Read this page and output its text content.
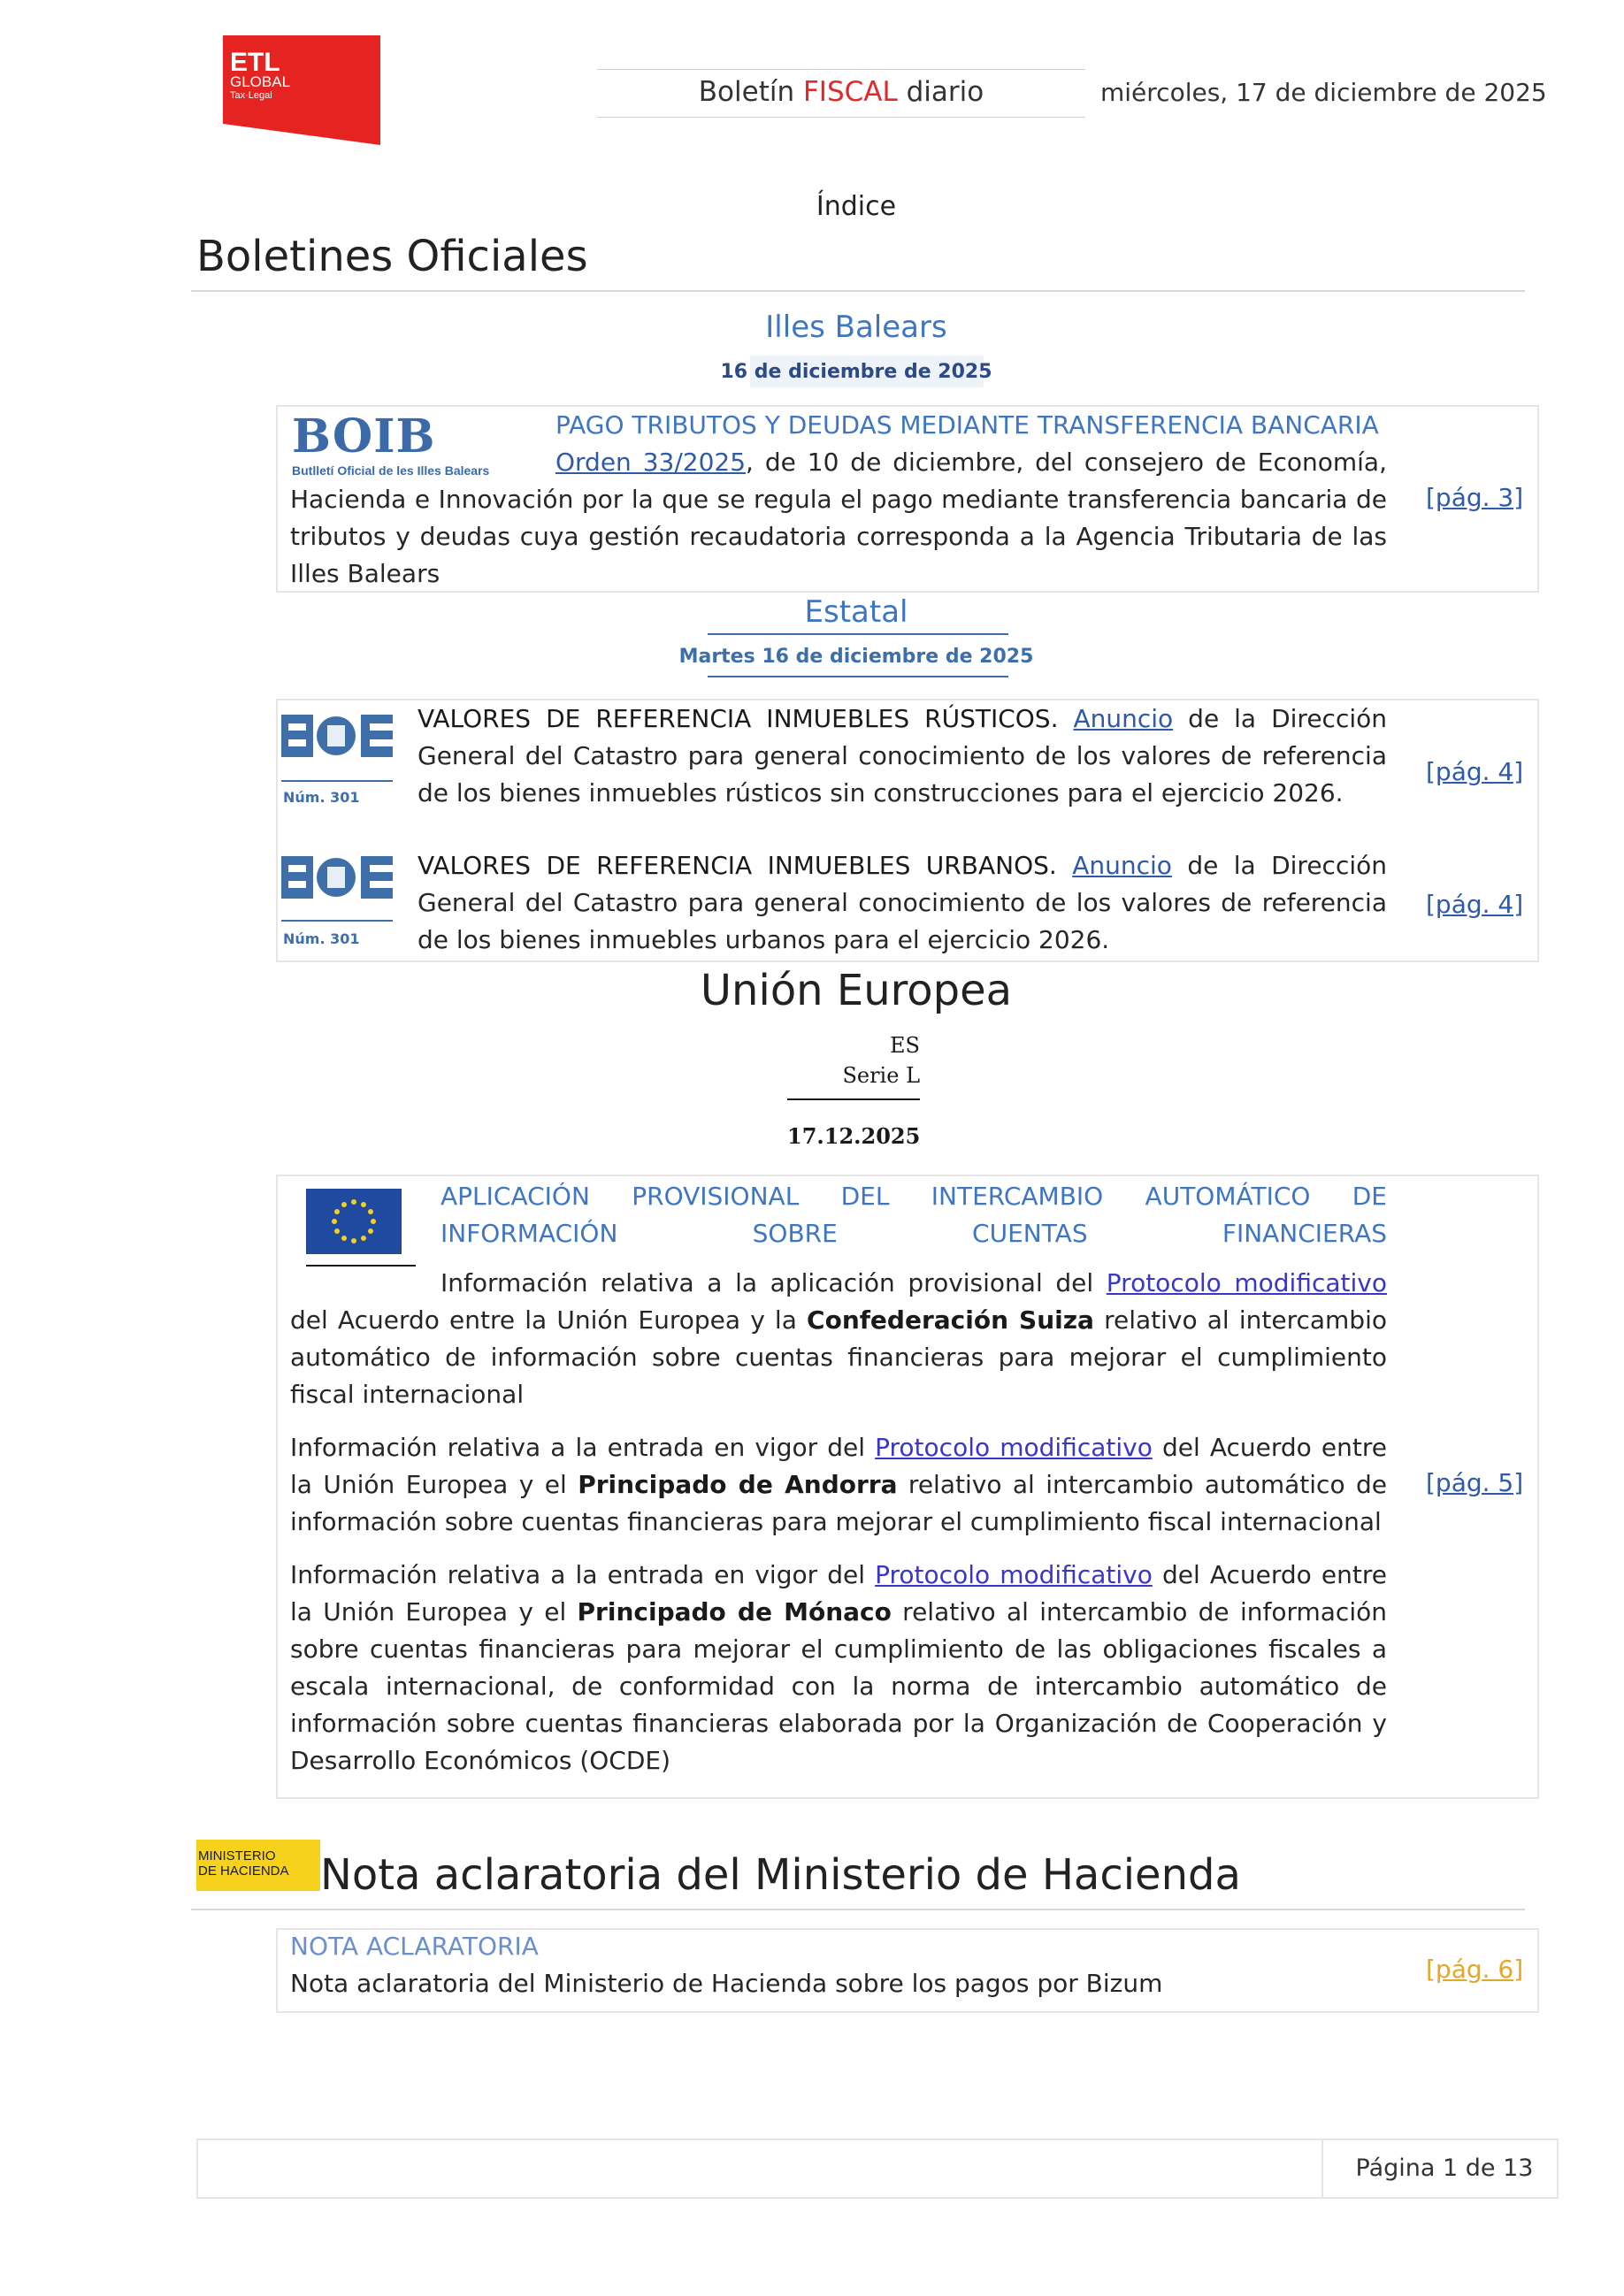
ETL
GLOBAL
Tax·Legal
ADD
Boletín FISCAL diario	miércoles, 17 de diciembre de 2025
Índice
Boletines Oficiales
Illes Balears
16 de diciembre de 2025
BOIB
Butlletí Oficial de les Illes Balears
PAGO TRIBUTOS Y DEUDAS MEDIANTE TRANSFERENCIA BANCARIA
Orden 33/2025, de 10 de diciembre, del consejero de Economía, Hacienda e Innovación por la que se regula el pago mediante transferencia bancaria de tributos y deudas cuya gestión recaudatoria corresponda a la Agencia Tributaria de las Illes Balears
[pág. 3]
Estatal
Martes 16 de diciembre de 2025
Núm. 301
VALORES DE REFERENCIA INMUEBLES RÚSTICOS. Anuncio de la Dirección General del Catastro para general conocimiento de los valores de referencia de los bienes inmuebles rústicos sin construcciones para el ejercicio 2026.
[pág. 4]
Núm. 301
VALORES DE REFERENCIA INMUEBLES URBANOS. Anuncio de la Dirección General del Catastro para general conocimiento de los valores de referencia de los bienes inmuebles urbanos para el ejercicio 2026.
[pág. 4]
Unión Europea
ES
Serie L
17.12.2025
APLICACIÓN PROVISIONAL DEL INTERCAMBIO AUTOMÁTICO DE INFORMACIÓN SOBRE CUENTAS FINANCIERAS
Información relativa a la aplicación provisional del Protocolo modificativo del Acuerdo entre la Unión Europea y la Confederación Suiza relativo al intercambio automático de información sobre cuentas financieras para mejorar el cumplimiento fiscal internacional
Información relativa a la entrada en vigor del Protocolo modificativo del Acuerdo entre la Unión Europea y el Principado de Andorra relativo al intercambio automático de información sobre cuentas financieras para mejorar el cumplimiento fiscal internacional
Información relativa a la entrada en vigor del Protocolo modificativo del Acuerdo entre la Unión Europea y el Principado de Mónaco relativo al intercambio de información sobre cuentas financieras para mejorar el cumplimiento de las obligaciones fiscales a escala internacional, de conformidad con la norma de intercambio automático de información sobre cuentas financieras elaborada por la Organización de Cooperación y Desarrollo Económicos (OCDE)
[pág. 5]
MINISTERIO
DE HACIENDA Nota aclaratoria del Ministerio de Hacienda
NOTA ACLARATORIA
Nota aclaratoria del Ministerio de Hacienda sobre los pagos por Bizum	[pág. 6]
Página 1 de 13
